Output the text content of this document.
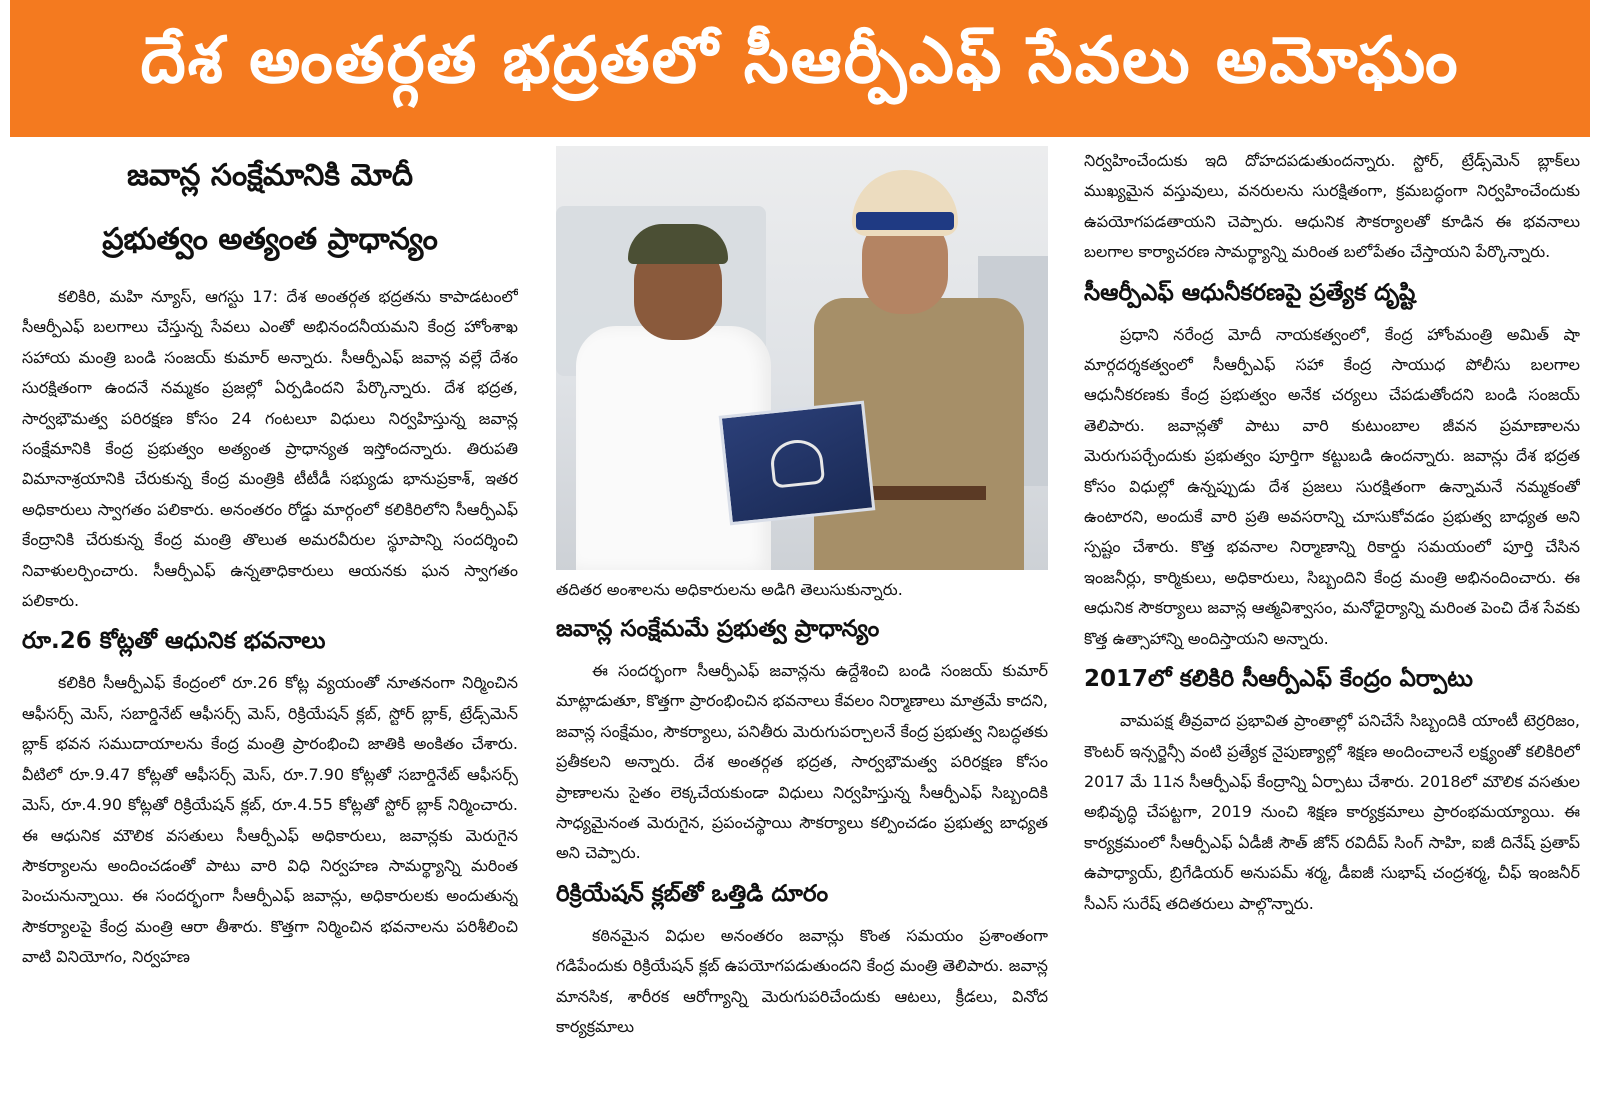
దేశ అంతర్గత భద్రతలో సీఆర్పీఎఫ్ సేవలు అమోఘం
జవాన్ల సంక్షేమానికి మోదీ
ప్రభుత్వం అత్యంత ప్రాధాన్యం

కలికిరి, మహి న్యూస్, ఆగస్టు 17: దేశ అంతర్గత భద్రతను కాపాడటంలో సీఆర్పీఎఫ్ బలగాలు చేస్తున్న సేవలు ఎంతో అభినందనీయమని కేంద్ర హోంశాఖ సహాయ మంత్రి బండి సంజయ్ కుమార్ అన్నారు. సీఆర్పీఎఫ్ జవాన్ల వల్లే దేశం సురక్షితంగా ఉందనే నమ్మకం ప్రజల్లో ఏర్పడిందని పేర్కొన్నారు. దేశ భద్రత, సార్వభౌమత్వ పరిరక్షణ కోసం 24 గంటలూ విధులు నిర్వహిస్తున్న జవాన్ల సంక్షేమానికి కేంద్ర ప్రభుత్వం అత్యంత ప్రాధాన్యత ఇస్తోందన్నారు. తిరుపతి విమానాశ్రయానికి చేరుకున్న కేంద్ర మంత్రికి టీటీడీ సభ్యుడు భానుప్రకాశ్, ఇతర అధికారులు స్వాగతం పలికారు. అనంతరం రోడ్డు మార్గంలో కలికిరిలోని సీఆర్పీఎఫ్ కేంద్రానికి చేరుకున్న కేంద్ర మంత్రి తొలుత అమరవీరుల స్థూపాన్ని సందర్శించి నివాళులర్పించారు. సీఆర్పీఎఫ్ ఉన్నతాధికారులు ఆయనకు ఘన స్వాగతం పలికారు.

రూ.26 కోట్లతో ఆధునిక భవనాలు

కలికిరి సీఆర్పీఎఫ్ కేంద్రంలో రూ.26 కోట్ల వ్యయంతో నూతనంగా నిర్మించిన ఆఫీసర్స్ మెస్, సబార్డినేట్ ఆఫీసర్స్ మెస్, రిక్రియేషన్ క్లబ్, స్టోర్ బ్లాక్, ట్రేడ్స్‌మెన్ బ్లాక్ భవన సముదాయాలను కేంద్ర మంత్రి ప్రారంభించి జాతికి అంకితం చేశారు. వీటిలో రూ.9.47 కోట్లతో ఆఫీసర్స్ మెస్, రూ.7.90 కోట్లతో సబార్డినేట్ ఆఫీసర్స్ మెస్, రూ.4.90 కోట్లతో రిక్రియేషన్ క్లబ్, రూ.4.55 కోట్లతో స్టోర్ బ్లాక్ నిర్మించారు. ఈ ఆధునిక మౌలిక వసతులు సీఆర్పీఎఫ్ అధికారులు, జవాన్లకు మెరుగైన సౌకర్యాలను అందించడంతో పాటు వారి విధి నిర్వహణ సామర్థ్యాన్ని మరింత పెంచునున్నాయి. ఈ సందర్భంగా సీఆర్పీఎఫ్ జవాన్లు, అధికారులకు అందుతున్న సౌకర్యాలపై కేంద్ర మంత్రి ఆరా తీశారు. కొత్తగా నిర్మించిన భవనాలను పరిశీలించి వాటి వినియోగం, నిర్వహణ

తదితర అంశాలను అధికారులను అడిగి తెలుసుకున్నారు.

జవాన్ల సంక్షేమమే ప్రభుత్వ ప్రాధాన్యం

ఈ సందర్భంగా సీఆర్పీఎఫ్ జవాన్లను ఉద్దేశించి బండి సంజయ్ కుమార్ మాట్లాడుతూ, కొత్తగా ప్రారంభించిన భవనాలు కేవలం నిర్మాణాలు మాత్రమే కాదని, జవాన్ల సంక్షేమం, సౌకర్యాలు, పనితీరు మెరుగుపర్చాలనే కేంద్ర ప్రభుత్వ నిబద్ధతకు ప్రతీకలని అన్నారు. దేశ అంతర్గత భద్రత, సార్వభౌమత్వ పరిరక్షణ కోసం ప్రాణాలను సైతం లెక్కచేయకుండా విధులు నిర్వహిస్తున్న సీఆర్పీఎఫ్ సిబ్బందికి సాధ్యమైనంత మెరుగైన, ప్రపంచస్థాయి సౌకర్యాలు కల్పించడం ప్రభుత్వ బాధ్యత అని చెప్పారు.

రిక్రియేషన్ క్లబ్‌తో ఒత్తిడి దూరం

కఠినమైన విధుల అనంతరం జవాన్లు కొంత సమయం ప్రశాంతంగా గడిపేందుకు రిక్రియేషన్ క్లబ్ ఉపయోగపడుతుందని కేంద్ర మంత్రి తెలిపారు. జవాన్ల మానసిక, శారీరక ఆరోగ్యాన్ని మెరుగుపరిచేందుకు ఆటలు, క్రీడలు, వినోద కార్యక్రమాలు

నిర్వహించేందుకు ఇది దోహదపడుతుందన్నారు. స్టోర్, ట్రేడ్స్‌మెన్ బ్లాక్‌లు ముఖ్యమైన వస్తువులు, వనరులను సురక్షితంగా, క్రమబద్ధంగా నిర్వహించేందుకు ఉపయోగపడతాయని చెప్పారు. ఆధునిక సౌకర్యాలతో కూడిన ఈ భవనాలు బలగాల కార్యాచరణ సామర్థ్యాన్ని మరింత బలోపేతం చేస్తాయని పేర్కొన్నారు.

సీఆర్పీఎఫ్ ఆధునీకరణపై ప్రత్యేక దృష్టి

ప్రధాని నరేంద్ర మోదీ నాయకత్వంలో, కేంద్ర హోంమంత్రి అమిత్ షా మార్గదర్శకత్వంలో సీఆర్పీఎఫ్ సహా కేంద్ర సాయుధ పోలీసు బలగాల ఆధునీకరణకు కేంద్ర ప్రభుత్వం అనేక చర్యలు చేపడుతోందని బండి సంజయ్ తెలిపారు. జవాన్లతో పాటు వారి కుటుంబాల జీవన ప్రమాణాలను మెరుగుపర్చేందుకు ప్రభుత్వం పూర్తిగా కట్టుబడి ఉందన్నారు. జవాన్లు దేశ భద్రత కోసం విధుల్లో ఉన్నప్పుడు దేశ ప్రజలు సురక్షితంగా ఉన్నామనే నమ్మకంతో ఉంటారని, అందుకే వారి ప్రతి అవసరాన్ని చూసుకోవడం ప్రభుత్వ బాధ్యత అని స్పష్టం చేశారు. కొత్త భవనాల నిర్మాణాన్ని రికార్డు సమయంలో పూర్తి చేసిన ఇంజనీర్లు, కార్మికులు, అధికారులు, సిబ్బందిని కేంద్ర మంత్రి అభినందించారు. ఈ ఆధునిక సౌకర్యాలు జవాన్ల ఆత్మవిశ్వాసం, మనోధైర్యాన్ని మరింత పెంచి దేశ సేవకు కొత్త ఉత్సాహాన్ని అందిస్తాయని అన్నారు.

2017లో కలికిరి సీఆర్పీఎఫ్ కేంద్రం ఏర్పాటు

వామపక్ష తీవ్రవాద ప్రభావిత ప్రాంతాల్లో పనిచేసే సిబ్బందికి యాంటీ టెర్రరిజం, కౌంటర్ ఇన్సర్జెన్సీ వంటి ప్రత్యేక నైపుణ్యాల్లో శిక్షణ అందించాలనే లక్ష్యంతో కలికిరిలో 2017 మే 11న సీఆర్పీఎఫ్ కేంద్రాన్ని ఏర్పాటు చేశారు. 2018లో మౌలిక వసతుల అభివృద్ధి చేపట్టగా, 2019 నుంచి శిక్షణ కార్యక్రమాలు ప్రారంభమయ్యాయి. ఈ కార్యక్రమంలో సీఆర్పీఎఫ్ ఏడీజీ సౌత్ జోన్ రవిదీప్ సింగ్ సాహి, ఐజీ దినేష్ ప్రతాప్ ఉపాధ్యాయ్, బ్రిగేడియర్ అనుపమ్ శర్మ, డీఐజీ సుభాష్ చంద్రశర్మ, చీఫ్ ఇంజనీర్ సీఎస్ సురేష్ తదితరులు పాల్గొన్నారు.
